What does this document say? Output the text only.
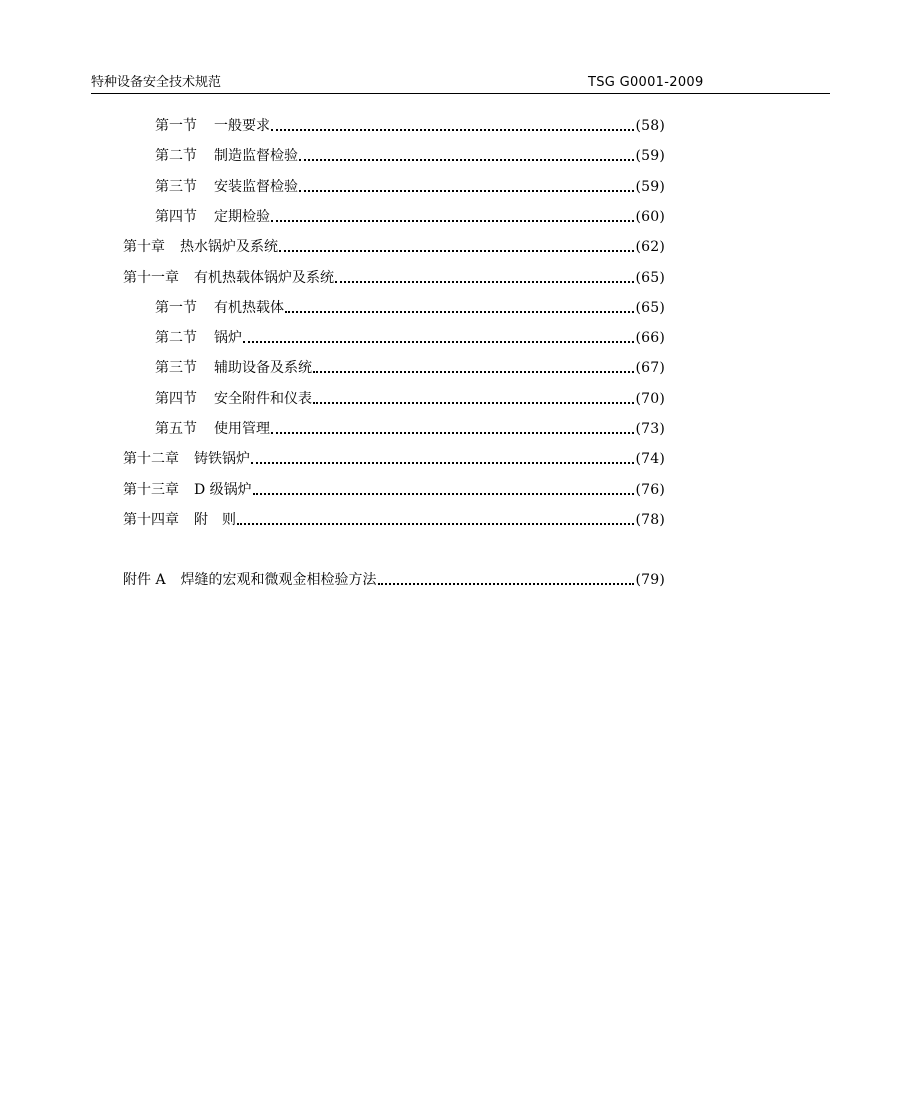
特种设备安全技术规范	TSG G0001-2009
第一节 一般要求	(58)
第二节 制造监督检验	(59)
第三节 安装监督检验	(59)
第四节 定期检验	(60)
第十章 热水锅炉及系统	(62)
第十一章 有机热载体锅炉及系统	(65)
第一节 有机热载体	(65)
第二节 锅炉	(66)
第三节 辅助设备及系统	(67)
第四节 安全附件和仪表	(70)
第五节 使用管理	(73)
第十二章 铸铁锅炉	(74)
第十三章 D 级锅炉	(76)
第十四章 附　则	(78)
附件 A 焊缝的宏观和微观金相检验方法	(79)
